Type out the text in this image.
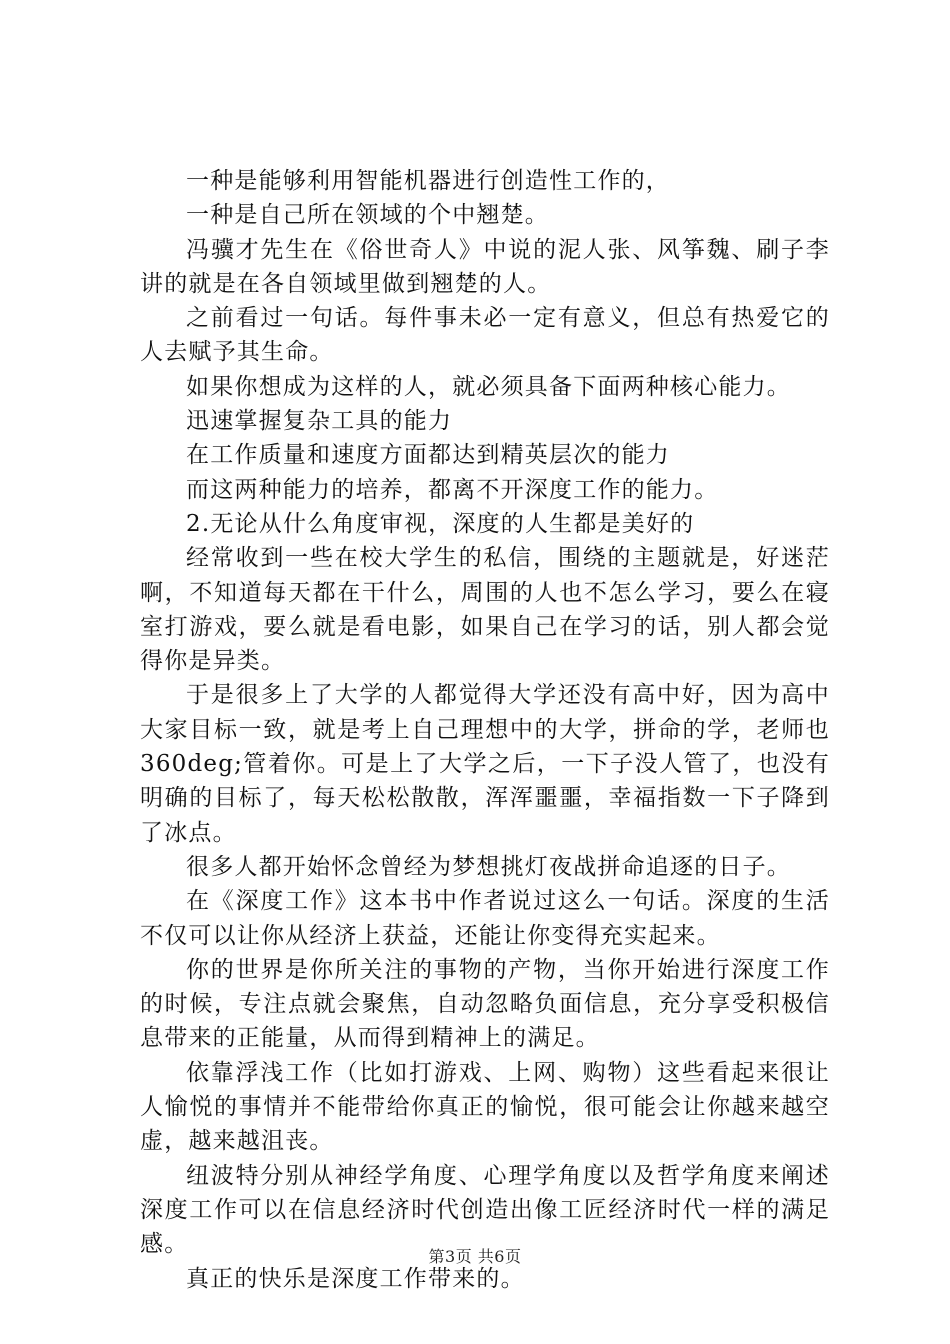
一种是能够利用智能机器进行创造性工作的，

一种是自己所在领域的个中翘楚。

冯骥才先生在《俗世奇人》中说的泥人张、风筝魏、刷子李讲的就是在各自领域里做到翘楚的人。

之前看过一句话。每件事未必一定有意义，但总有热爱它的人去赋予其生命。

如果你想成为这样的人，就必须具备下面两种核心能力。

迅速掌握复杂工具的能力

在工作质量和速度方面都达到精英层次的能力

而这两种能力的培养，都离不开深度工作的能力。

2.无论从什么角度审视，深度的人生都是美好的

经常收到一些在校大学生的私信，围绕的主题就是，好迷茫啊，不知道每天都在干什么，周围的人也不怎么学习，要么在寝室打游戏，要么就是看电影，如果自己在学习的话，别人都会觉得你是异类。

于是很多上了大学的人都觉得大学还没有高中好，因为高中大家目标一致，就是考上自己理想中的大学，拼命的学，老师也360deg;管着你。可是上了大学之后，一下子没人管了，也没有明确的目标了，每天松松散散，浑浑噩噩，幸福指数一下子降到了冰点。

很多人都开始怀念曾经为梦想挑灯夜战拼命追逐的日子。

在《深度工作》这本书中作者说过这么一句话。深度的生活不仅可以让你从经济上获益，还能让你变得充实起来。

你的世界是你所关注的事物的产物，当你开始进行深度工作的时候，专注点就会聚焦，自动忽略负面信息，充分享受积极信息带来的正能量，从而得到精神上的满足。

依靠浮浅工作（比如打游戏、上网、购物）这些看起来很让人愉悦的事情并不能带给你真正的愉悦，很可能会让你越来越空虚，越来越沮丧。

纽波特分别从神经学角度、心理学角度以及哲学角度来阐述深度工作可以在信息经济时代创造出像工匠经济时代一样的满足感。

真正的快乐是深度工作带来的。

第3页 共6页
